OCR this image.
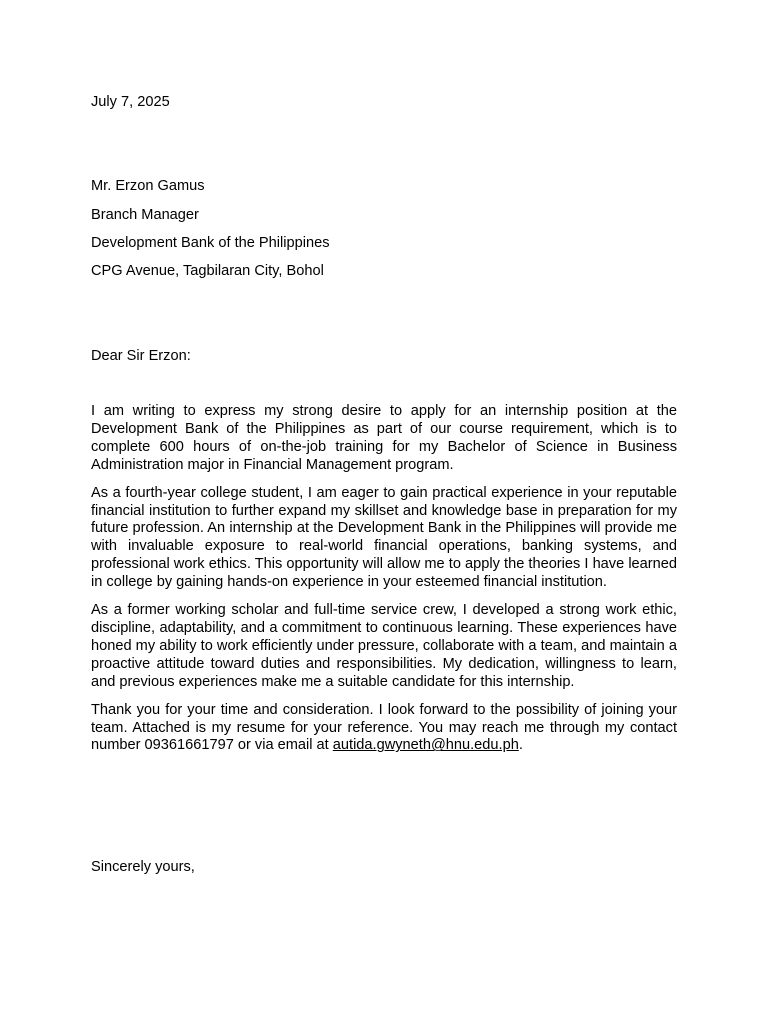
July 7, 2025
Mr. Erzon Gamus
Branch Manager
Development Bank of the Philippines
CPG Avenue, Tagbilaran City, Bohol
Dear Sir Erzon:

I am writing to express my strong desire to apply for an internship position at the Development Bank of the Philippines as part of our course requirement, which is to complete 600 hours of on-the-job training for my Bachelor of Science in Business Administration major in Financial Management program.

As a fourth-year college student, I am eager to gain practical experience in your reputable financial institution to further expand my skillset and knowledge base in preparation for my future profession. An internship at the Development Bank in the Philippines will provide me with invaluable exposure to real-world financial operations, banking systems, and professional work ethics. This opportunity will allow me to apply the theories I have learned in college by gaining hands-on experience in your esteemed financial institution.

As a former working scholar and full-time service crew, I developed a strong work ethic, discipline, adaptability, and a commitment to continuous learning. These experiences have honed my ability to work efficiently under pressure, collaborate with a team, and maintain a proactive attitude toward duties and responsibilities. My dedication, willingness to learn, and previous experiences make me a suitable candidate for this internship.

Thank you for your time and consideration. I look forward to the possibility of joining your team. Attached is my resume for your reference. You may reach me through my contact number 09361661797 or via email at autida.gwyneth@hnu.edu.ph.

Sincerely yours,
